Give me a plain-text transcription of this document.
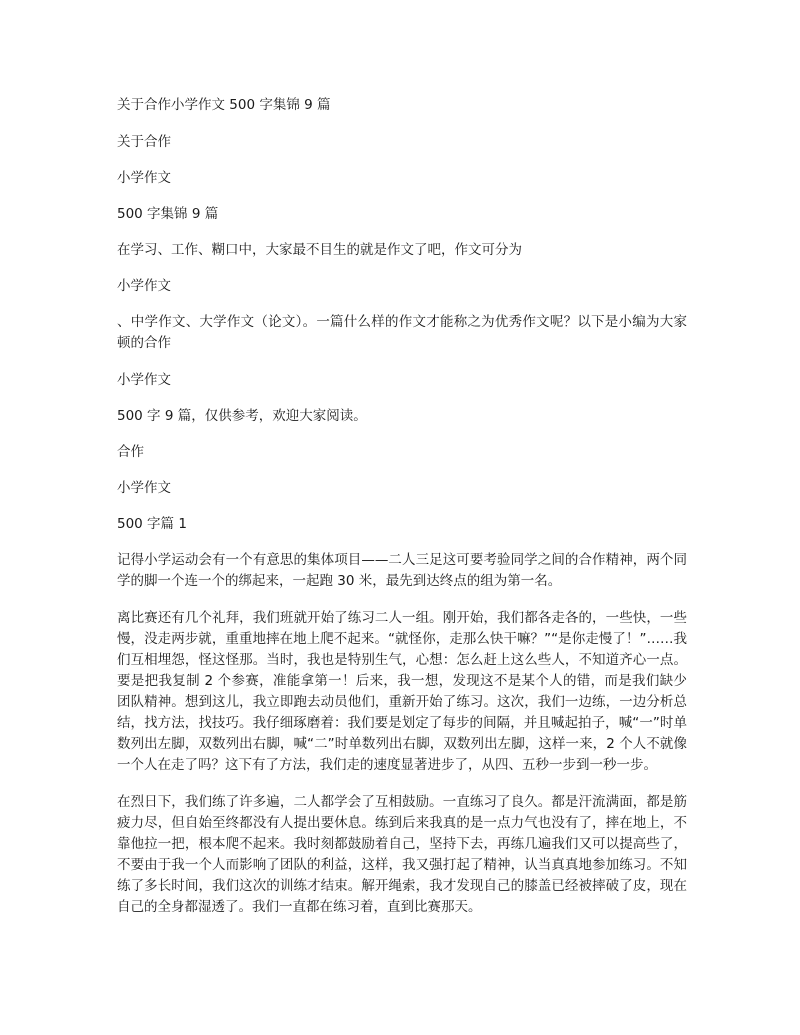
关于合作小学作文 500 字集锦 9 篇

关于合作

小学作文

500 字集锦 9 篇

在学习、工作、糊口中，大家最不目生的就是作文了吧，作文可分为

小学作文

、中学作文、大学作文（论文）。一篇什么样的作文才能称之为优秀作文呢？以下是小编为大家顿的合作

小学作文

500 字 9 篇，仅供参考，欢迎大家阅读。

合作

小学作文

500 字篇 1

记得小学运动会有一个有意思的集体项目——二人三足这可要考验同学之间的合作精神，两个同学的脚一个连一个的绑起来，一起跑 30 米，最先到达终点的组为第一名。

离比赛还有几个礼拜，我们班就开始了练习二人一组。刚开始，我们都各走各的，一些快，一些慢，没走两步就，重重地摔在地上爬不起来。“就怪你，走那么快干嘛？”“是你走慢了！”……我们互相埋怨，怪这怪那。当时，我也是特别生气，心想：怎么赶上这么些人，不知道齐心一点。要是把我复制 2 个参赛，准能拿第一！后来，我一想，发现这不是某个人的错，而是我们缺少团队精神。想到这儿，我立即跑去动员他们，重新开始了练习。这次，我们一边练，一边分析总结，找方法，找技巧。我仔细琢磨着：我们要是划定了每步的间隔，并且喊起拍子，喊“一”时单数列出左脚，双数列出右脚，喊“二”时单数列出右脚，双数列出左脚，这样一来，2 个人不就像一个人在走了吗？这下有了方法，我们走的速度显著进步了，从四、五秒一步到一秒一步。

在烈日下，我们练了许多遍，二人都学会了互相鼓励。一直练习了良久。都是汗流满面，都是筋疲力尽，但自始至终都没有人提出要休息。练到后来我真的是一点力气也没有了，摔在地上，不靠他拉一把，根本爬不起来。我时刻都鼓励着自己，坚持下去，再练几遍我们又可以提高些了，不要由于我一个人而影响了团队的利益，这样，我又强打起了精神，认当真真地参加练习。不知练了多长时间，我们这次的训练才结束。解开绳索，我才发现自己的膝盖已经被摔破了皮，现在自己的全身都湿透了。我们一直都在练习着，直到比赛那天。
